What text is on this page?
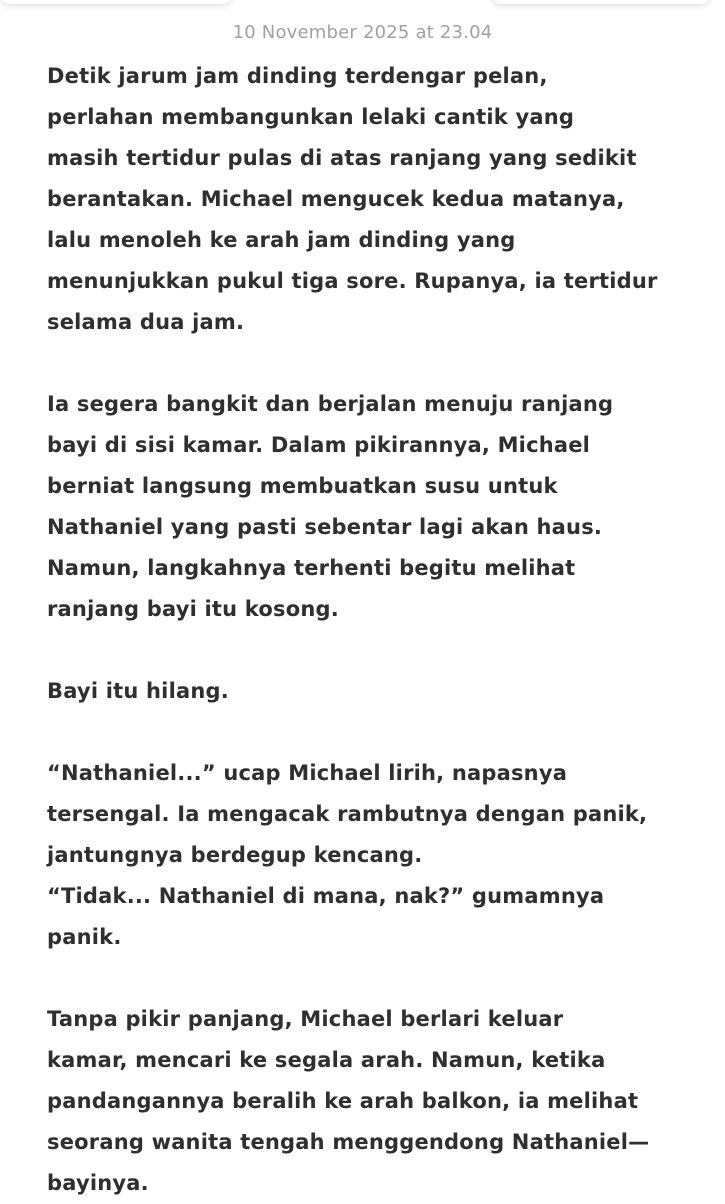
10 November 2025 at 23.04

Detik jarum jam dinding terdengar pelan,
perlahan membangunkan lelaki cantik yang
masih tertidur pulas di atas ranjang yang sedikit
berantakan. Michael mengucek kedua matanya,
lalu menoleh ke arah jam dinding yang
menunjukkan pukul tiga sore. Rupanya, ia tertidur
selama dua jam.

Ia segera bangkit dan berjalan menuju ranjang
bayi di sisi kamar. Dalam pikirannya, Michael
berniat langsung membuatkan susu untuk
Nathaniel yang pasti sebentar lagi akan haus.
Namun, langkahnya terhenti begitu melihat
ranjang bayi itu kosong.

Bayi itu hilang.

“Nathaniel...” ucap Michael lirih, napasnya
tersengal. Ia mengacak rambutnya dengan panik,
jantungnya berdegup kencang.
“Tidak... Nathaniel di mana, nak?” gumamnya
panik.

Tanpa pikir panjang, Michael berlari keluar
kamar, mencari ke segala arah. Namun, ketika
pandangannya beralih ke arah balkon, ia melihat
seorang wanita tengah menggendong Nathaniel—
bayinya.
